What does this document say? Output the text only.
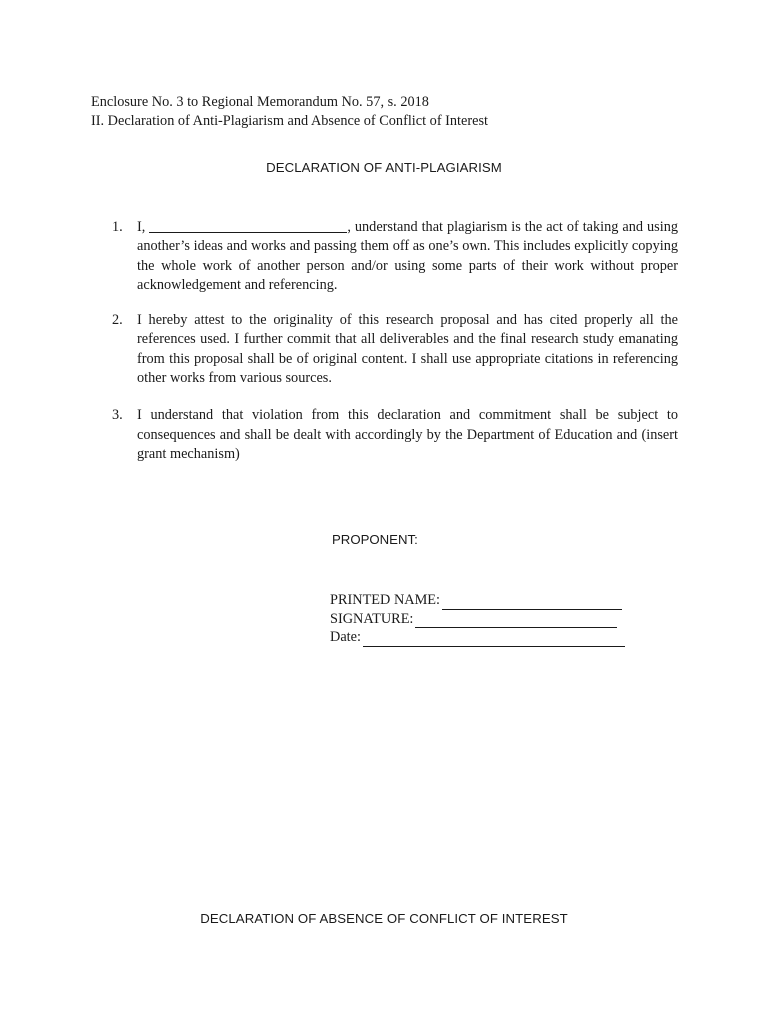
Enclosure No. 3 to Regional Memorandum No. 57, s. 2018
II. Declaration of Anti-Plagiarism and Absence of Conflict of Interest
DECLARATION OF ANTI-PLAGIARISM
1. I,	, understand that plagiarism is the act of taking and using another’s ideas and works and passing them off as one’s own. This includes explicitly copying the whole work of another person and/or using some parts of their work without proper acknowledgement and referencing.
2. I hereby attest to the originality of this research proposal and has cited properly all the references used. I further commit that all deliverables and the final research study emanating from this proposal shall be of original content. I shall use appropriate citations in referencing other works from various sources.
3. I understand that violation from this declaration and commitment shall be subject to consequences and shall be dealt with accordingly by the Department of Education and (insert grant mechanism)
PROPONENT:
PRINTED NAME:
SIGNATURE:
Date:
DECLARATION OF ABSENCE OF CONFLICT OF INTEREST
